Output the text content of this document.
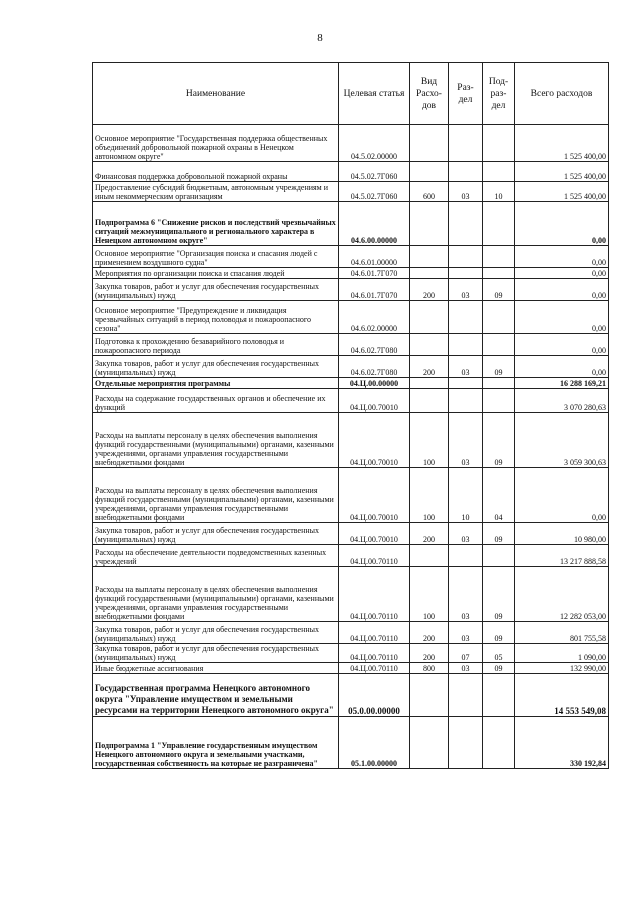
8
Наименование	Целевая статья	Вид Расхо-дов	Раз-дел	Под-раз-дел	Всего расходов
Основное мероприятие "Государственная поддержка общественных объединений добровольной пожарной охраны в Ненецком автономном округе"	04.5.02.00000				1 525 400,00
Финансовая поддержка добровольной пожарной охраны	04.5.02.7Г060				1 525 400,00
Предоставление субсидий бюджетным, автономным учреждениям и иным некоммерческим организациям	04.5.02.7Г060	600	03	10	1 525 400,00
Подпрограмма 6 "Снижение рисков и последствий чрезвычайных ситуаций межмуниципального и регионального характера в Ненецком автономном округе"	04.6.00.00000				0,00
Основное мероприятие "Организация поиска и спасания людей с применением воздушного судна"	04.6.01.00000				0,00
Мероприятия по организации поиска и спасания людей	04.6.01.7Г070				0,00
Закупка товаров, работ и услуг для обеспечения государственных (муниципальных) нужд	04.6.01.7Г070	200	03	09	0,00
Основное мероприятие "Предупреждение и ликвидация чрезвычайных ситуаций в период половодья и пожароопасного сезона"	04.6.02.00000				0,00
Подготовка к прохождению безаварийного половодья и пожароопасного периода	04.6.02.7Г080				0,00
Закупка товаров, работ и услуг для обеспечения государственных (муниципальных) нужд	04.6.02.7Г080	200	03	09	0,00
Отдельные мероприятия программы	04.Ц.00.00000				16 288 169,21
Расходы на содержание государственных органов и обеспечение их функций	04.Ц.00.70010				3 070 280,63
Расходы на выплаты персоналу в целях обеспечения выполнения функций государственными (муниципальными) органами, казенными учреждениями, органами управления государственными внебюджетными фондами	04.Ц.00.70010	100	03	09	3 059 300,63
Расходы на выплаты персоналу в целях обеспечения выполнения функций государственными (муниципальными) органами, казенными учреждениями, органами управления государственными внебюджетными фондами	04.Ц.00.70010	100	10	04	0,00
Закупка товаров, работ и услуг для обеспечения государственных (муниципальных) нужд	04.Ц.00.70010	200	03	09	10 980,00
Расходы на обеспечение деятельности подведомственных казенных учреждений	04.Ц.00.70110				13 217 888,58
Расходы на выплаты персоналу в целях обеспечения выполнения функций государственными (муниципальными) органами, казенными учреждениями, органами управления государственными внебюджетными фондами	04.Ц.00.70110	100	03	09	12 282 053,00
Закупка товаров, работ и услуг для обеспечения государственных (муниципальных) нужд	04.Ц.00.70110	200	03	09	801 755,58
Закупка товаров, работ и услуг для обеспечения государственных (муниципальных) нужд	04.Ц.00.70110	200	07	05	1 090,00
Иные бюджетные ассигнования	04.Ц.00.70110	800	03	09	132 990,00
Государственная программа Ненецкого автономного округа "Управление имуществом и земельными ресурсами на территории Ненецкого автономного округа"	05.0.00.00000				14 553 549,08
Подпрограмма 1 "Управление государственным имуществом Ненецкого автономного округа и земельными участками, государственная собственность на которые не разграничена"	05.1.00.00000				330 192,84
